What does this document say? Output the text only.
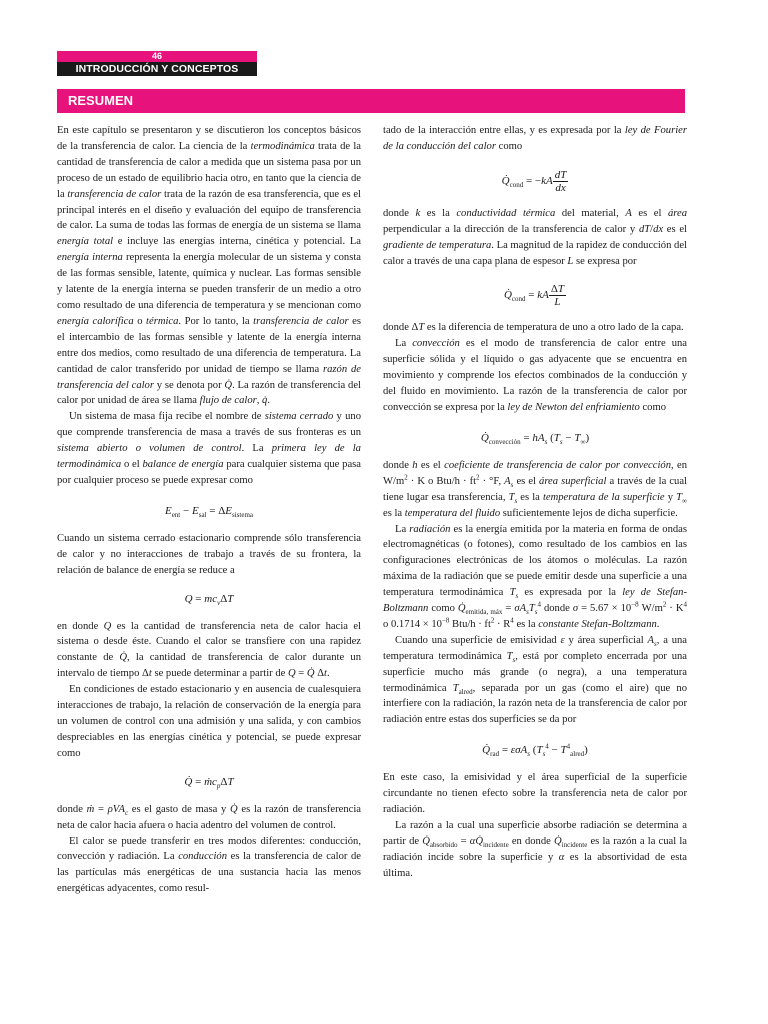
46
INTRODUCCIÓN Y CONCEPTOS BÁSICOS
RESUMEN

En este capítulo se presentaron y se discutieron los conceptos básicos de la transferencia de calor. La ciencia de la termodinámica trata de la cantidad de transferencia de calor a medida que un sistema pasa por un proceso de un estado de equilibrio hacia otro, en tanto que la ciencia de la transferencia de calor trata de la razón de esa transferencia, que es el principal interés en el diseño y evaluación del equipo de transferencia de calor. La suma de todas las formas de energía de un sistema se llama energía total e incluye las energías interna, cinética y potencial. La energía interna representa la energía molecular de un sistema y consta de las formas sensible, latente, química y nuclear. Las formas sensible y latente de la energía interna se pueden transferir de un medio a otro como resultado de una diferencia de temperatura y se mencionan como energía calorífica o térmica. Por lo tanto, la transferencia de calor es el intercambio de las formas sensible y latente de la energía interna entre dos medios, como resultado de una diferencia de temperatura. La cantidad de calor transferido por unidad de tiempo se llama razón de transferencia del calor y se denota por Q̇. La razón de transferencia del calor por unidad de área se llama flujo de calor, q̇.

Un sistema de masa fija recibe el nombre de sistema cerrado y uno que comprende transferencia de masa a través de sus fronteras es un sistema abierto o volumen de control. La primera ley de la termodinámica o el balance de energía para cualquier sistema que pasa por cualquier proceso se puede expresar como

$E_{ent} - E_{sal} = \Delta E_{sistema}$

Cuando un sistema cerrado estacionario comprende sólo transferencia de calor y no interacciones de trabajo a través de su frontera, la relación de balance de energía se reduce a

$Q = mc_v\Delta T$

en donde Q es la cantidad de transferencia neta de calor hacia el sistema o desde éste. Cuando el calor se transfiere con una rapidez constante de Q̇, la cantidad de transferencia de calor durante un intervalo de tiempo Δt se puede determinar a partir de Q = Q̇ Δt.

En condiciones de estado estacionario y en ausencia de cualesquiera interacciones de trabajo, la relación de conservación de la energía para un volumen de control con una admisión y una salida, y con cambios despreciables en las energías cinética y potencial, se puede expresar como

Q̇ = ṁc$_p$ΔT

donde ṁ = ρVA$_c$ es el gasto de masa y Q̇ es la razón de transferencia neta de calor hacia afuera o hacia adentro del volumen de control.

El calor se puede transferir en tres modos diferentes: conducción, convección y radiación. La conducción es la transferencia de calor de las partículas más energéticas de una sustancia hacia las menos energéticas adyacentes, como resul-

tado de la interacción entre ellas, y es expresada por la ley de Fourier de la conducción del calor como

$Q̇_{cond} = -kA \frac{dT}{dx}$

donde k es la conductividad térmica del material, A es el área perpendicular a la dirección de la transferencia de calor y dT/dx es el gradiente de temperatura. La magnitud de la rapidez de conducción del calor a través de una capa plana de espesor L se expresa por

$Q̇_{cond}$ = kA $\frac{\Delta T}{L}$

donde ΔT es la diferencia de temperatura de uno a otro lado de la capa.

La convección es el modo de transferencia de calor entre una superficie sólida y el líquido o gas adyacente que se encuentra en movimiento y comprende los efectos combinados de la conducción y del fluido en movimiento. La razón de la transferencia de calor por convección se expresa por la ley de Newton del enfriamiento como

$Q̇_{convección} = hA_s$ $(T_s - T_\infty)$

donde h es el coeficiente de transferencia de calor por convección, en $W/m^2 \cdot K$ o $Btu/h \cdot ft^2 \cdot ^\circ F$, $A_s$ es el área superficial a través de la cual tiene lugar esa transferencia, $T_s$ es la temperatura de la superficie y $T_\infty$ es la temperatura del fluido suficientemente lejos de dicha superficie.

La radiación es la energía emitida por la materia en forma de ondas electromagnéticas (o fotones), como resultado de los cambios en las configuraciones electrónicas de los átomos o moléculas. La razón máxima de la radiación que se puede emitir desde una superficie a una temperatura termodinámica $T_s$ es expresada por la ley de Stefan-Boltzmann como $Q̇_{emitida, máx} = \sigma A_sT_s^4$ donde $\sigma = 5.67 \times 10^{-8}$ $W/m^2 \cdot K^4$ o $0.1714 \times 10^{-8}$ $Btu/h \cdot ft^2 \cdot R^4$ es la constante Stefan-Boltzmann.

Cuando una superficie de emisividad ε y área superficial $A_s$, a una temperatura termodinámica $T_s$, está por completo encerrada por una superficie mucho más grande (o negra), a una temperatura termodinámica $T_{alred}$, separada por un gas (como el aire) que no interfiere con la radiación, la razón neta de la transferencia de calor por radiación entre estas dos superficies se da por

$Q̇_{rad} = \varepsilon\sigma A_s$ $(T_s^4 - T^4_{alred})$

En este caso, la emisividad y el área superficial de la superficie circundante no tienen efecto sobre la transferencia neta de calor por radiación.

La razón a la cual una superficie absorbe radiación se determina a partir de $Q̇_{absorbido}$ = $\alpha Q̇_{incidente}$ en donde $Q̇_{incidente}$ es la razón a la cual la radiación incide sobre la superficie y α es la absortividad de esta última.
